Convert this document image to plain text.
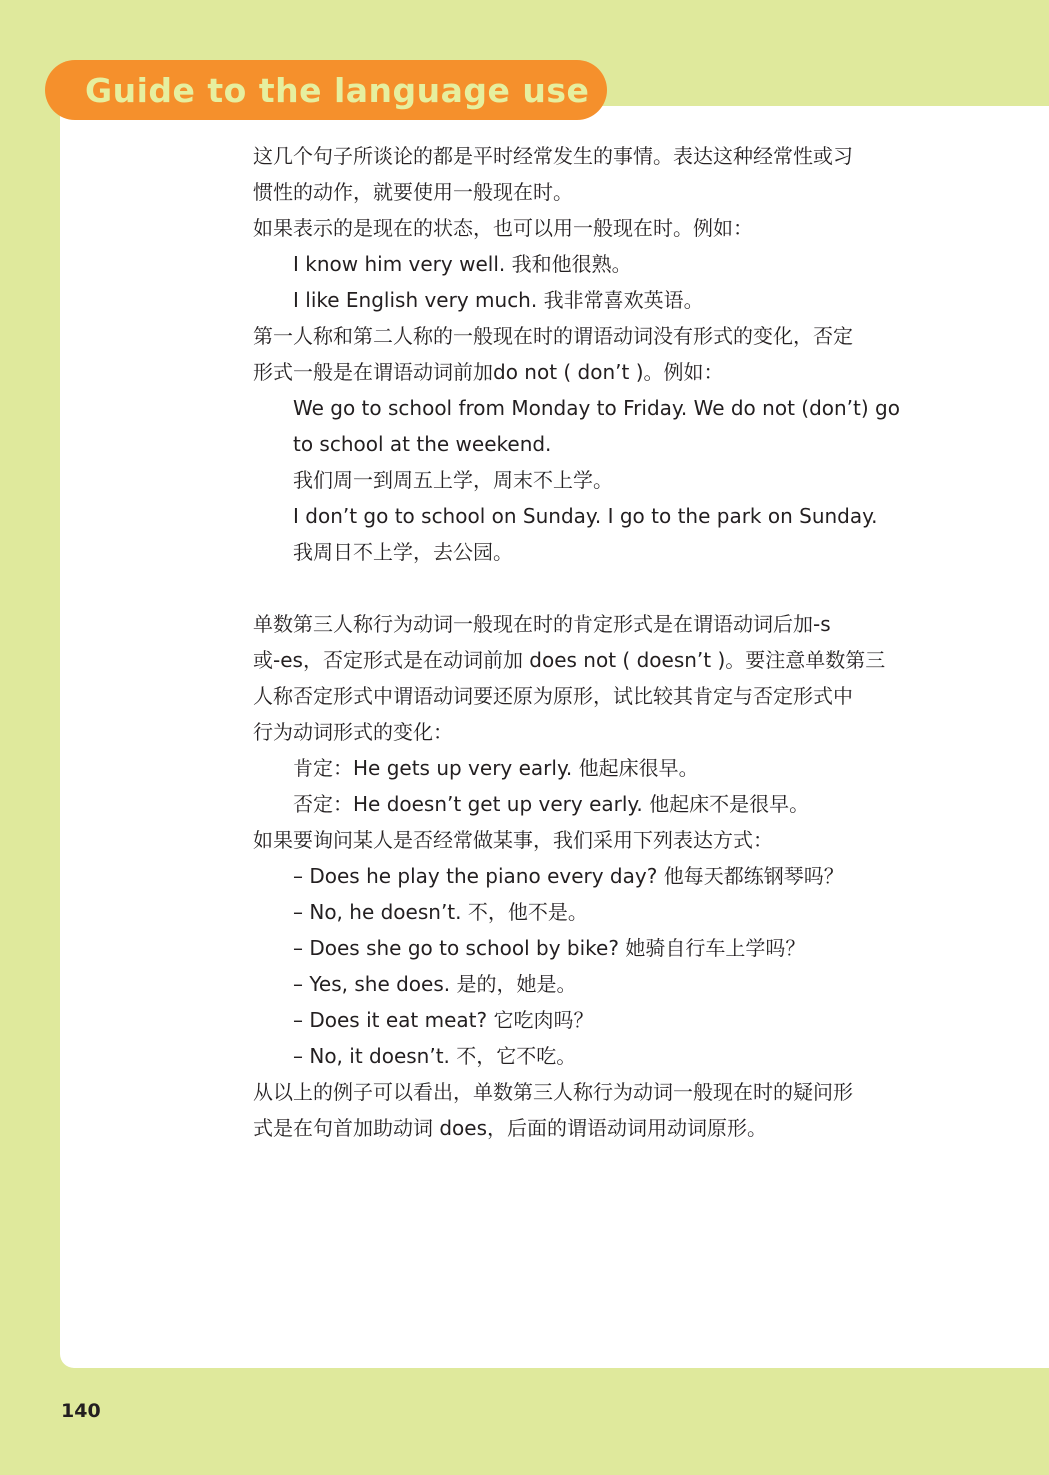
Guide to the language use

这几个句子所谈论的都是平时经常发生的事情。表达这种经常性或习

惯性的动作，就要使用一般现在时。

如果表示的是现在的状态，也可以用一般现在时。例如：

I know him very well. 我和他很熟。

I like English very much. 我非常喜欢英语。

第一人称和第二人称的一般现在时的谓语动词没有形式的变化，否定

形式一般是在谓语动词前加do not ( don’t )。例如：

We go to school from Monday to Friday. We do not (don’t) go

to school at the weekend.

我们周一到周五上学，周末不上学。

I don’t go to school on Sunday. I go to the park on Sunday.

我周日不上学，去公园。

单数第三人称行为动词一般现在时的肯定形式是在谓语动词后加-s

或-es，否定形式是在动词前加 does not ( doesn’t )。要注意单数第三

人称否定形式中谓语动词要还原为原形，试比较其肯定与否定形式中

行为动词形式的变化：

肯定：He gets up very early. 他起床很早。

否定：He doesn’t get up very early. 他起床不是很早。

如果要询问某人是否经常做某事，我们采用下列表达方式：

– Does he play the piano every day? 他每天都练钢琴吗？

– No, he doesn’t. 不，他不是。

– Does she go to school by bike? 她骑自行车上学吗？

– Yes, she does. 是的，她是。

– Does it eat meat? 它吃肉吗？

– No, it doesn’t. 不，它不吃。

从以上的例子可以看出，单数第三人称行为动词一般现在时的疑问形

式是在句首加助动词 does，后面的谓语动词用动词原形。

140
